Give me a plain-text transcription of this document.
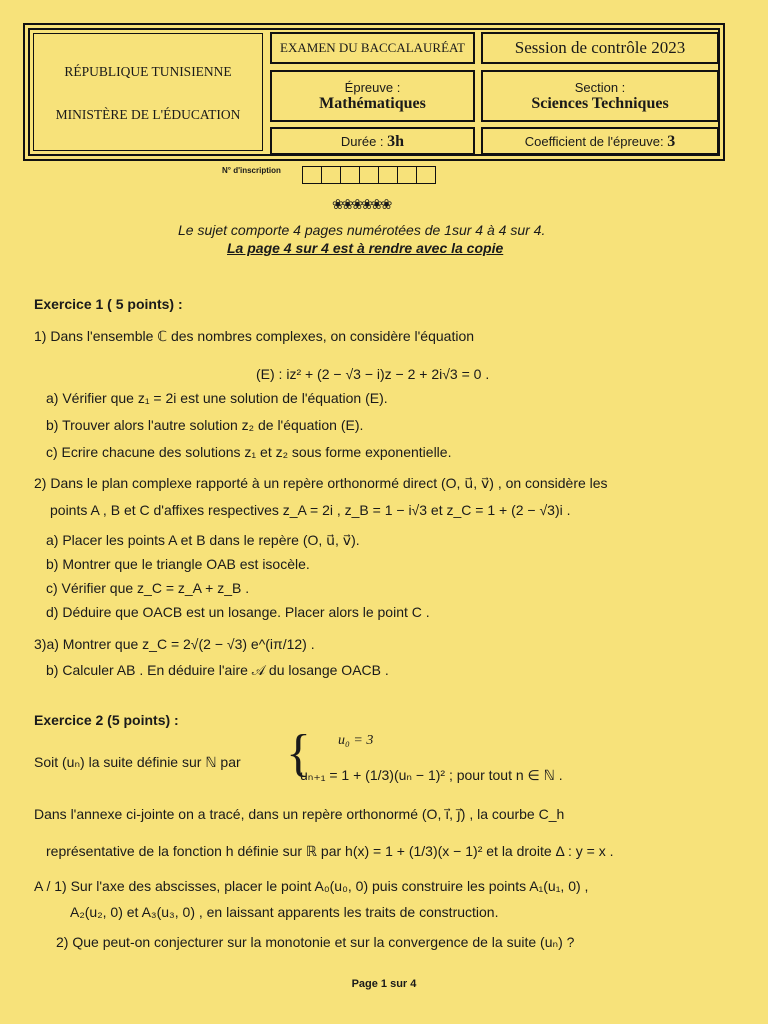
RÉPUBLIQUE TUNISIENNE
MINISTÈRE DE L'ÉDUCATION
EXAMEN DU BACCALAURÉAT	Session de contrôle 2023
Épreuve :
Mathématiques
Section :
Sciences Techniques
Durée : 3h	Coefficient de l'épreuve: 3
N° d'inscription
❀❀❀❀❀❀
Le sujet comporte 4 pages numérotées de 1sur 4 à 4 sur 4.
La page 4 sur 4 est à rendre avec la copie
Exercice 1 ( 5 points) :
1) Dans l'ensemble ℂ des nombres complexes, on considère l'équation
(E) : iz² + (2 − √3 − i)z − 2 + 2i√3 = 0 .
a) Vérifier que z₁ = 2i est une solution de l'équation (E).
b) Trouver alors l'autre solution z₂ de l'équation (E).
c) Ecrire chacune des solutions z₁ et z₂ sous forme exponentielle.
2) Dans le plan complexe rapporté à un repère orthonormé direct (O, u⃗, v⃗) , on considère les
points A , B et C d'affixes respectives z_A = 2i , z_B = 1 − i√3 et z_C = 1 + (2 − √3)i .
a) Placer les points A et B dans le repère (O, u⃗, v⃗).
b) Montrer que le triangle OAB est isocèle.
c) Vérifier que z_C = z_A + z_B .
d) Déduire que OACB est un losange. Placer alors le point C .
3)a) Montrer que z_C = 2√(2 − √3) e^(iπ/12) .
b) Calculer AB . En déduire l'aire 𝒜 du losange OACB .
Exercice 2 (5 points) :
Soit (uₙ) la suite définie sur ℕ par { u₀ = 3
uₙ₊₁ = 1 + (1/3)(uₙ − 1)² ; pour tout n ∈ ℕ .
Dans l'annexe ci-jointe on a tracé, dans un repère orthonormé (O, i⃗, j⃗) , la courbe C_h
représentative de la fonction h définie sur ℝ par h(x) = 1 + (1/3)(x − 1)² et la droite Δ : y = x .
A / 1) Sur l'axe des abscisses, placer le point A₀(u₀, 0) puis construire les points A₁(u₁, 0) ,
A₂(u₂, 0) et A₃(u₃, 0) , en laissant apparents les traits de construction.
2) Que peut-on conjecturer sur la monotonie et sur la convergence de la suite (uₙ) ?
Page 1 sur 4
